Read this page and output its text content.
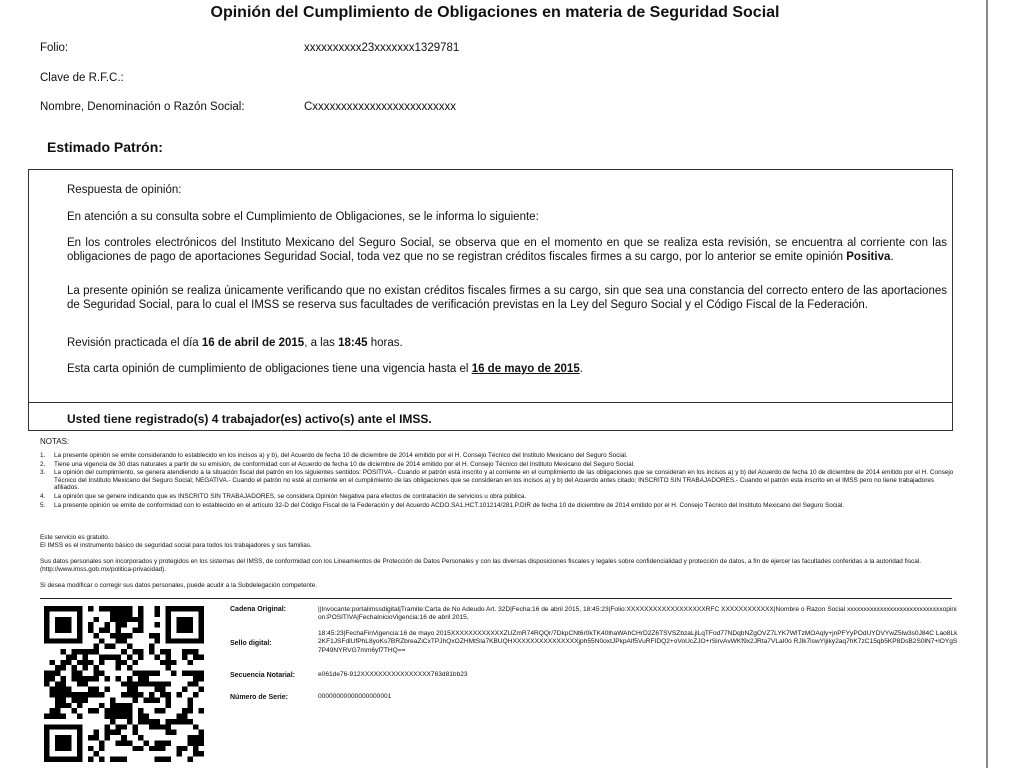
Opinión del Cumplimiento de Obligaciones en materia de Seguridad Social
Folio:	xxxxxxxxxx23xxxxxxx1329781
Clave de R.F.C.:
Nombre, Denominación o Razón Social:	Cxxxxxxxxxxxxxxxxxxxxxxxxx
Estimado Patrón:
Respuesta de opinión:
En atención a su consulta sobre el Cumplimiento de Obligaciones, se le informa lo siguiente:
En los controles electrónicos del Instituto Mexicano del Seguro Social, se observa que en el momento en que se realiza esta revisión, se encuentra al corriente con las obligaciones de pago de aportaciones Seguridad Social, toda vez que no se registran créditos fiscales firmes a su cargo, por lo anterior se emite opinión Positiva.
La presente opinión se realiza únicamente verificando que no existan créditos fiscales firmes a su cargo, sin que sea una constancia del correcto entero de las aportaciones de Seguridad Social, para lo cual el IMSS se reserva sus facultades de verificación previstas en la Ley del Seguro Social y el Código Fiscal de la Federación.
Revisión practicada el día 16 de abril de 2015, a las 18:45 horas.
Esta carta opinión de cumplimiento de obligaciones tiene una vigencia hasta el 16 de mayo de 2015.
Usted tiene registrado(s) 4 trabajador(es) activo(s) ante el IMSS.
NOTAS:
1.	La presente opinión se emite considerando lo establecido en los incisos a) y b), del Acuerdo de fecha 10 de diciembre de 2014 emitido por el H. Consejo Técnico del Instituto Mexicano del Seguro Social.
2.	Tiene una vigencia de 30 días naturales a partir de su emisión, de conformidad con el Acuerdo de fecha 10 de diciembre de 2014 emitido por el H. Consejo Técnico del Instituto Mexicano del Seguro Social.
3.	La opinión del cumplimiento, se genera atendiendo a la situación fiscal del patrón en los siguientes sentidos: POSITIVA.- Cuando el patrón está inscrito y al corriente en el cumplimiento de las obligaciones que se consideran en los incisos a) y b) del Acuerdo de fecha 10 de diciembre de 2014 emitido por el H. Consejo Técnico del Instituto Mexicano del Seguro Social; NEGATIVA.- Cuando el patrón no esté al corriente en el cumplimiento de las obligaciones que se consideran en los incisos a) y b) del Acuerdo antes citado; INSCRITO SIN TRABAJADORES.- Cuando el patrón esta inscrito en el IMSS pero no tiene trabajadores afiliados.
4.	La opinión que se genere indicando que es INSCRITO SIN TRABAJADORES, se considera Opinión Negativa para efectos de contratación de servicios u obra pública.
5.	La presente opinión se emite de conformidad con lo establecido en el artículo 32-D del Código Fiscal de la Federación y del Acuerdo ACDO.SA1.HCT.101214/281.P.DIR de fecha 10 de diciembre de 2014 emitido por el H. Consejo Técnico del Instituto Mexicano del Seguro Social.
Este servicio es gratuito.
El IMSS es el instrumento básico de seguridad social para todos los trabajadores y sus familias.
Sus datos personales son incorporados y protegidos en los sistemas del IMSS, de conformidad con los Lineamientos de Protección de Datos Personales y con las diversas disposiciones fiscales y legales sobre confidencialidad y protección de datos, a fin de ejercer las facultades conferidas a la autoridad fiscal. (http://www.imss.gob.mx/politica-privacidad).
Si desea modificar o corregir sus datos personales, puede acudir a la Subdelegación competente.
Cadena Original:	||Invocante:portalimssdigital|Tramite:Carta de No Adeudo Art. 32D|Fecha:16 de abril 2015, 18:45:23|Folio:XXXXXXXXXXXXXXXXXXRFC XXXXXXXXXXXX|Nombre o Razon Social xxxxxxxxxxxxxxxxxxxxxxxxxxxxxopinion:POSITIVA|FechaInicioVigencia:16 de abril 2015,
Sello digital:
18:45:23|FechaFinVigencia:16 de mayo 2015XXXXXXXXXXXXZUZmR74RQQr/7DkpCNt6r0kTK40lhaWAhCHrD2Z6TSVSZbzaLjlLqTFod77NDqbNZgOVZ7LYK7WlTzMOAqly+jnPFYyPOdUYDVYwZ5lw3s0J84C Lao8Lk2KF1JSFdlUfPhL8yoKs7BRZbreaZiCxTPJhQxOZHMtSla7KBUQHXXXXXXXXXXXXXXXjph55N0oxtJPkpAlf5VuRFIDQ2+oVoUcZJO+rSirvAvWKf9x2JRta7VLaI0o RJlk7lswYljiky2aq7hK7zC15qb5KP8DsB2S0lN7+lOYgS7P49NYRVG7mm6yf7THQ==
Secuencia Notarial:	e061de76-912XXXXXXXXXXXXXXXX763d81bb23
Número de Serie:	00000000000000000001
